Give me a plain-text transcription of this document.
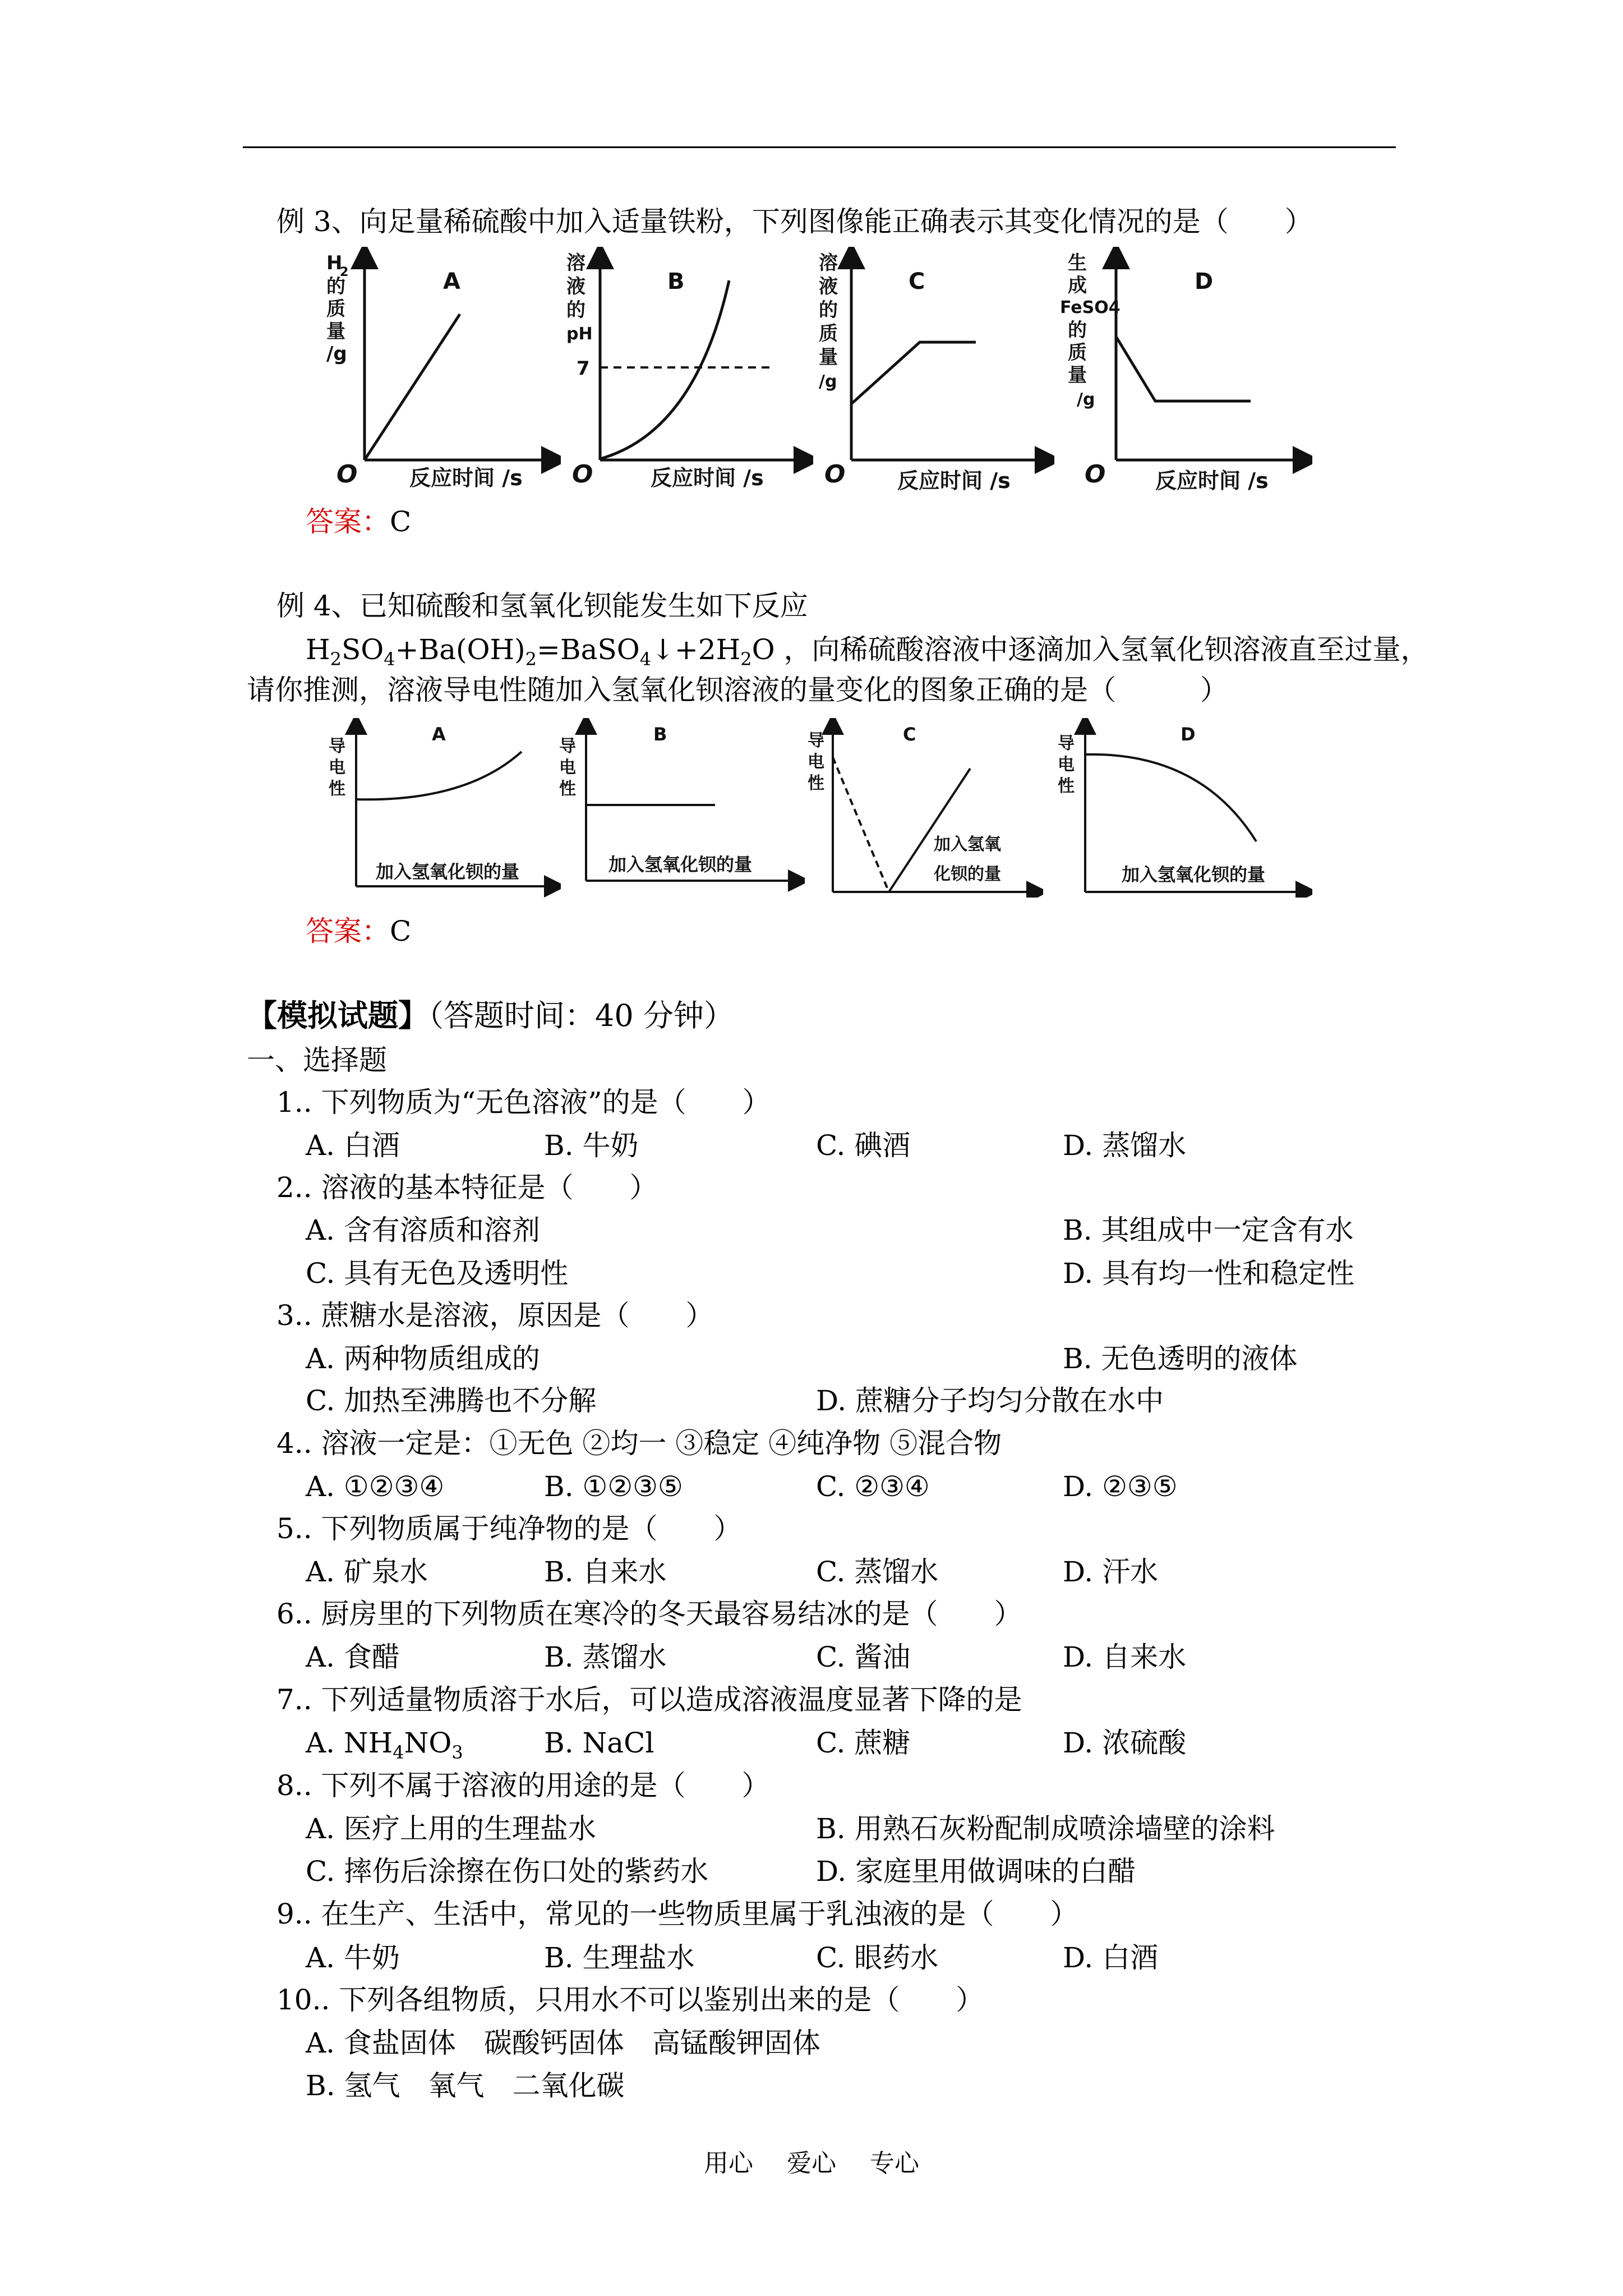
例 3、向足量稀硫酸中加入适量铁粉，下列图像能正确表示其变化情况的是（　　）
A
H
2
的
质
量
/g
O 反应时间 /s
B
溶
液
的
pH
7
O	反应时间 /s
C
溶
液
的
质
量
/g
O 反应时间 /s
D
生
成
FeSO4
的
质
量
/g
O 反应时间 /s
答案：C
例 4、已知硫酸和氢氧化钡能发生如下反应
$H_2SO_4+Ba(OH)_2=BaSO_4↓+2H_2O$ ，向稀硫酸溶液中逐滴加入氢氧化钡溶液直至过量，
请你推测，溶液导电性随加入氢氧化钡溶液的量变化的图象正确的是（　　　）
A
导
电
性
加入氢氧化钡的量
B
导
电
性
加入氢氧化钡的量
C
导
电
性
加入氢氧
化钡的量
D
导
电
性
加入氢氧化钡的量
答案：C
【模拟试题】（答题时间：40 分钟）
一、选择题
1.. 下列物质为“无色溶液”的是（　　）
A. 白酒	B. 牛奶	C. 碘酒	D. 蒸馏水
2.. 溶液的基本特征是（　　）
A. 含有溶质和溶剂	B. 其组成中一定含有水
C. 具有无色及透明性	D. 具有均一性和稳定性
3.. 蔗糖水是溶液，原因是（　　）
A. 两种物质组成的	B. 无色透明的液体
C. 加热至沸腾也不分解	D. 蔗糖分子均匀分散在水中
4.. 溶液一定是：①无色 ②均一 ③稳定 ④纯净物 ⑤混合物
A. ①②③④	B. ①②③⑤	C. ②③④	D. ②③⑤
5.. 下列物质属于纯净物的是（　　）
A. 矿泉水	B. 自来水	C. 蒸馏水	D. 汗水
6.. 厨房里的下列物质在寒冷的冬天最容易结冰的是（　　）
A. 食醋	B. 蒸馏水	C. 酱油	D. 自来水
7.. 下列适量物质溶于水后，可以造成溶液温度显著下降的是
A. $NH_4NO_3$	B. NaCl	C. 蔗糖	D. 浓硫酸
8.. 下列不属于溶液的用途的是（　　）
A. 医疗上用的生理盐水	B. 用熟石灰粉配制成喷涂墙壁的涂料
C. 摔伤后涂擦在伤口处的紫药水	D. 家庭里用做调味的白醋
9.. 在生产、生活中，常见的一些物质里属于乳浊液的是（　　）
A. 牛奶	B. 生理盐水	C. 眼药水	D. 白酒
10.. 下列各组物质，只用水不可以鉴别出来的是（　　）
A. 食盐固体　碳酸钙固体　高锰酸钾固体
B. 氢气　氧气　二氧化碳
用心 爱心 专心
